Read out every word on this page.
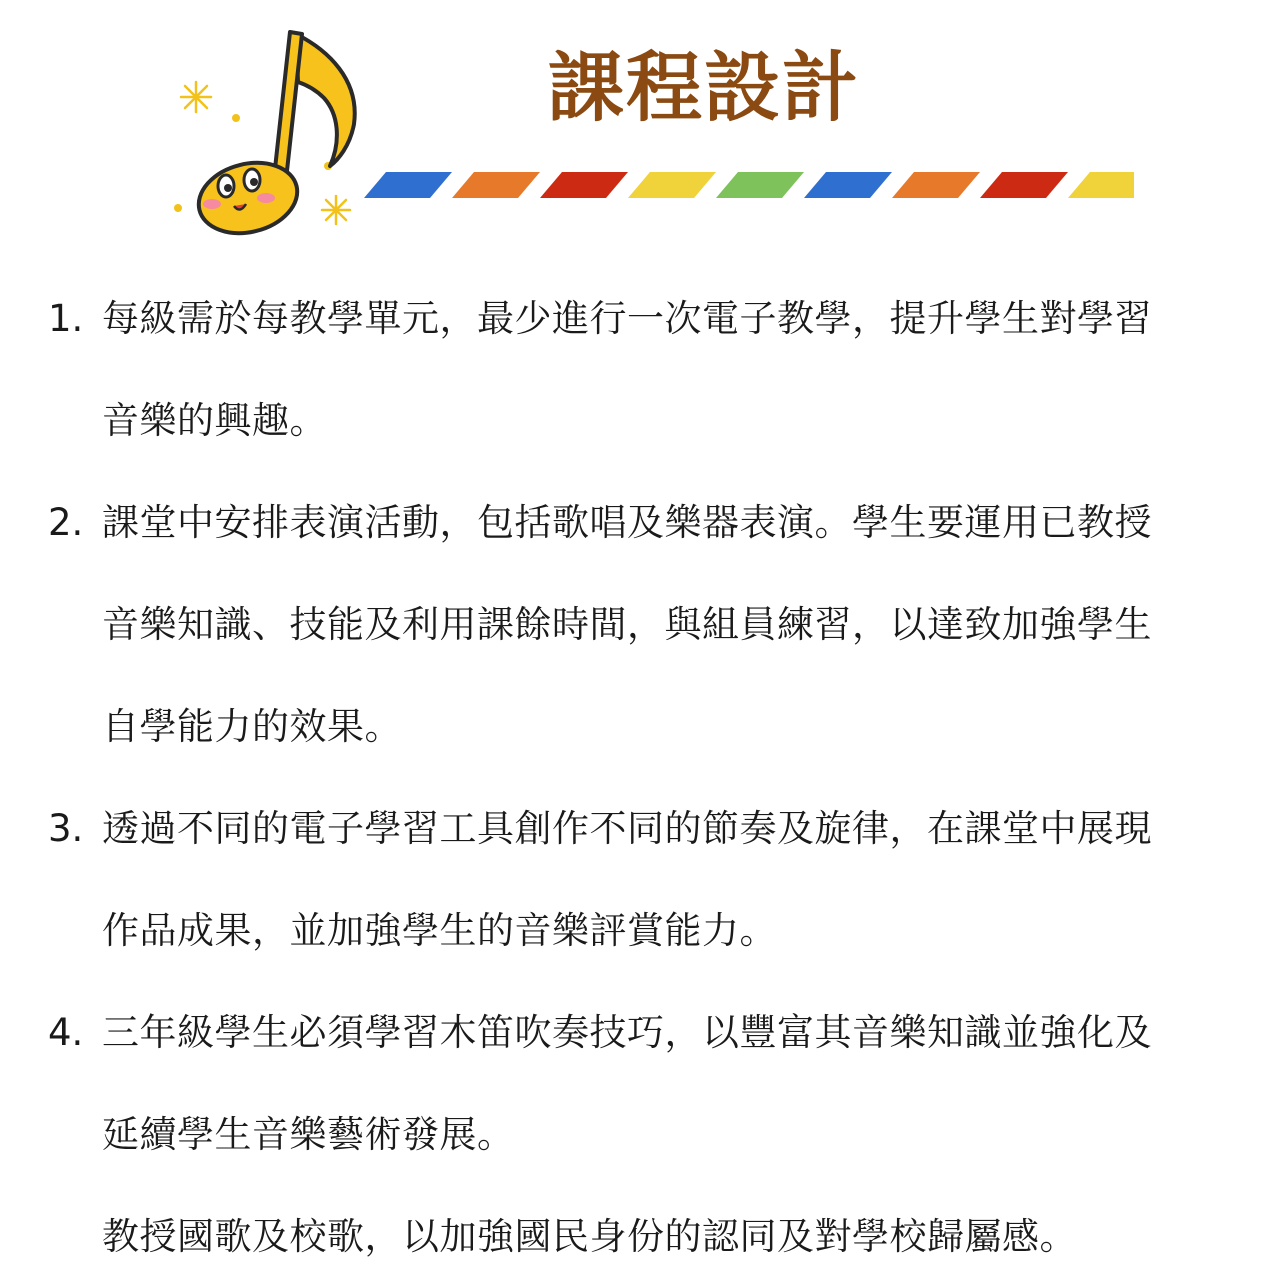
課程設計
1. 每級需於每教學單元，最少進行一次電子教學，提升學生對學習
音樂的興趣。
2. 課堂中安排表演活動，包括歌唱及樂器表演。學生要運用已教授
音樂知識、技能及利用課餘時間，與組員練習，以達致加強學生
自學能力的效果。
3. 透過不同的電子學習工具創作不同的節奏及旋律，在課堂中展現
作品成果，並加強學生的音樂評賞能力。
4. 三年級學生必須學習木笛吹奏技巧，以豐富其音樂知識並強化及
延續學生音樂藝術發展。
教授國歌及校歌，以加強國民身份的認同及對學校歸屬感。
